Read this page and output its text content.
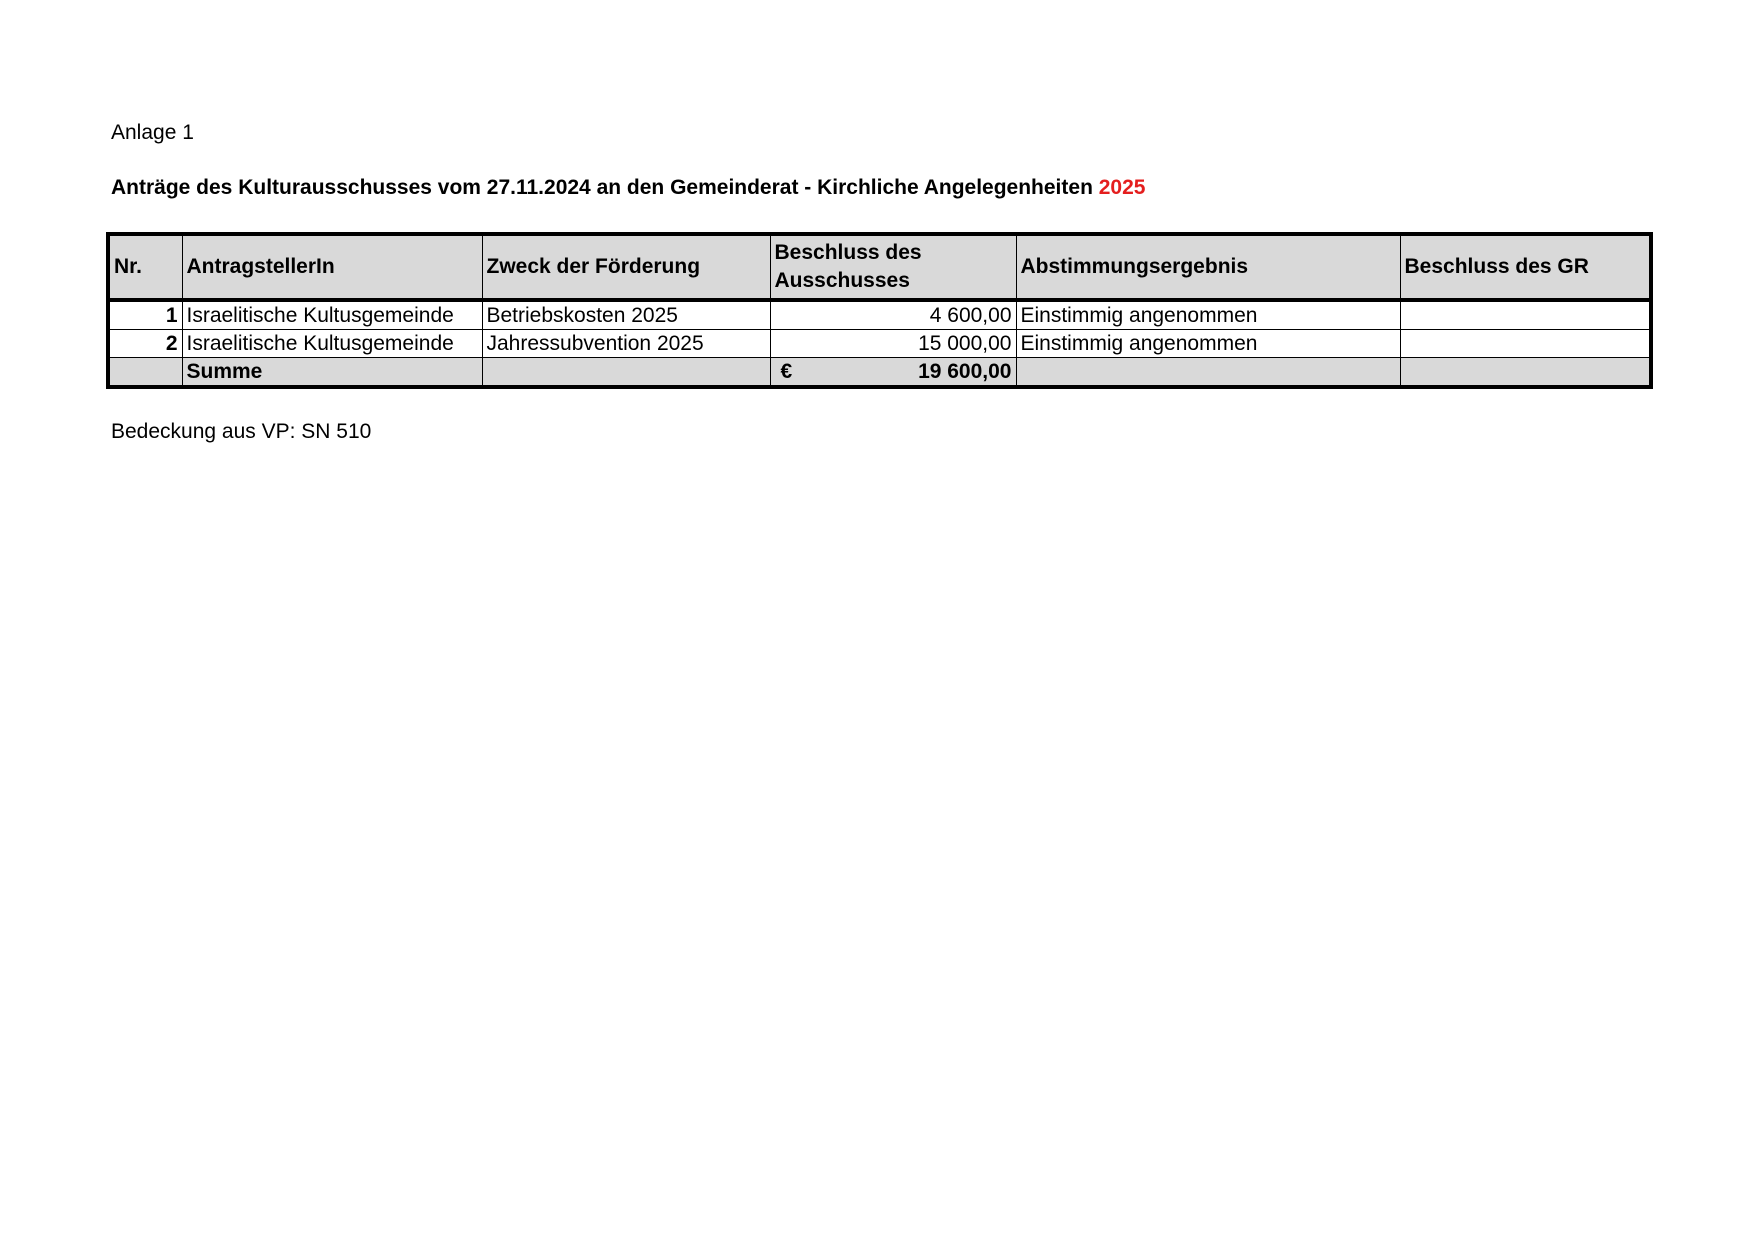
Anlage 1
Anträge des Kulturausschusses vom 27.11.2024 an den Gemeinderat - Kirchliche Angelegenheiten 2025
Nr.	AntragstellerIn	Zweck der Förderung	Beschluss des Ausschusses	Abstimmungsergebnis	Beschluss des GR
1	Israelitische Kultusgemeinde	Betriebskosten 2025	4 600,00	Einstimmig angenommen	
2	Israelitische Kultusgemeinde	Jahressubvention 2025	15 000,00	Einstimmig angenommen	
	Summe		€ 19 600,00		
Bedeckung aus VP: SN 510
